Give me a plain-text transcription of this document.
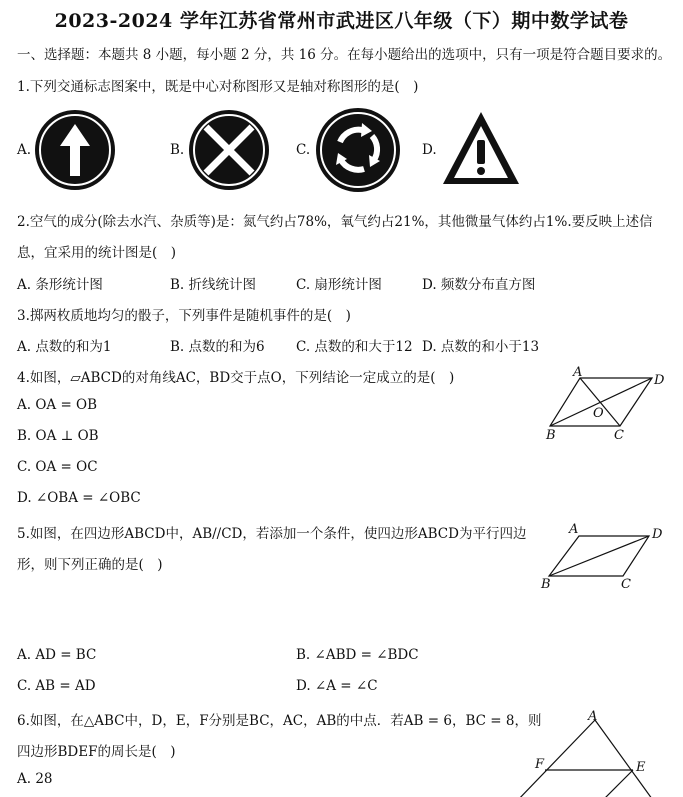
2023-2024 学年江苏省常州市武进区八年级（下）期中数学试卷
一、选择题：本题共 8 小题，每小题 2 分，共 16 分。在每小题给出的选项中，只有一项是符合题目要求的。
1.下列交通标志图案中，既是中心对称图形又是轴对称图形的是(　)
A.	B.	C.	D.
2.空气的成分(除去水汽、杂质等)是：氮气约占78%，氧气约占21%，其他微量气体约占1%.要反映上述信
息，宜采用的统计图是(　)
A. 条形统计图	B. 折线统计图	C. 扇形统计图	D. 频数分布直方图
3.掷两枚质地均匀的骰子，下列事件是随机事件的是(　)
A. 点数的和为1	B. 点数的和为6 C. 点数的和大于12 D. 点数的和小于13
4.如图，▱ABCD的对角线AC，BD交于点O，下列结论一定成立的是(　)
A. OA = OB
B. OA ⊥ OB
C. OA = OC
D. ∠OBA = ∠OBC
A
D
O
B	C
5.如图，在四边形ABCD中，AB//CD，若添加一个条件，使四边形ABCD为平行四边
形，则下列正确的是(　)
A	D
B	C
A. AD = BC	B. ∠ABD = ∠BDC
C. AB = AD	D. ∠A = ∠C
6.如图，在△ABC中，D，E，F分别是BC，AC，AB的中点．若AB = 6，BC = 8，则
四边形BDEF的周长是(　)
A. 28
A
F	E
